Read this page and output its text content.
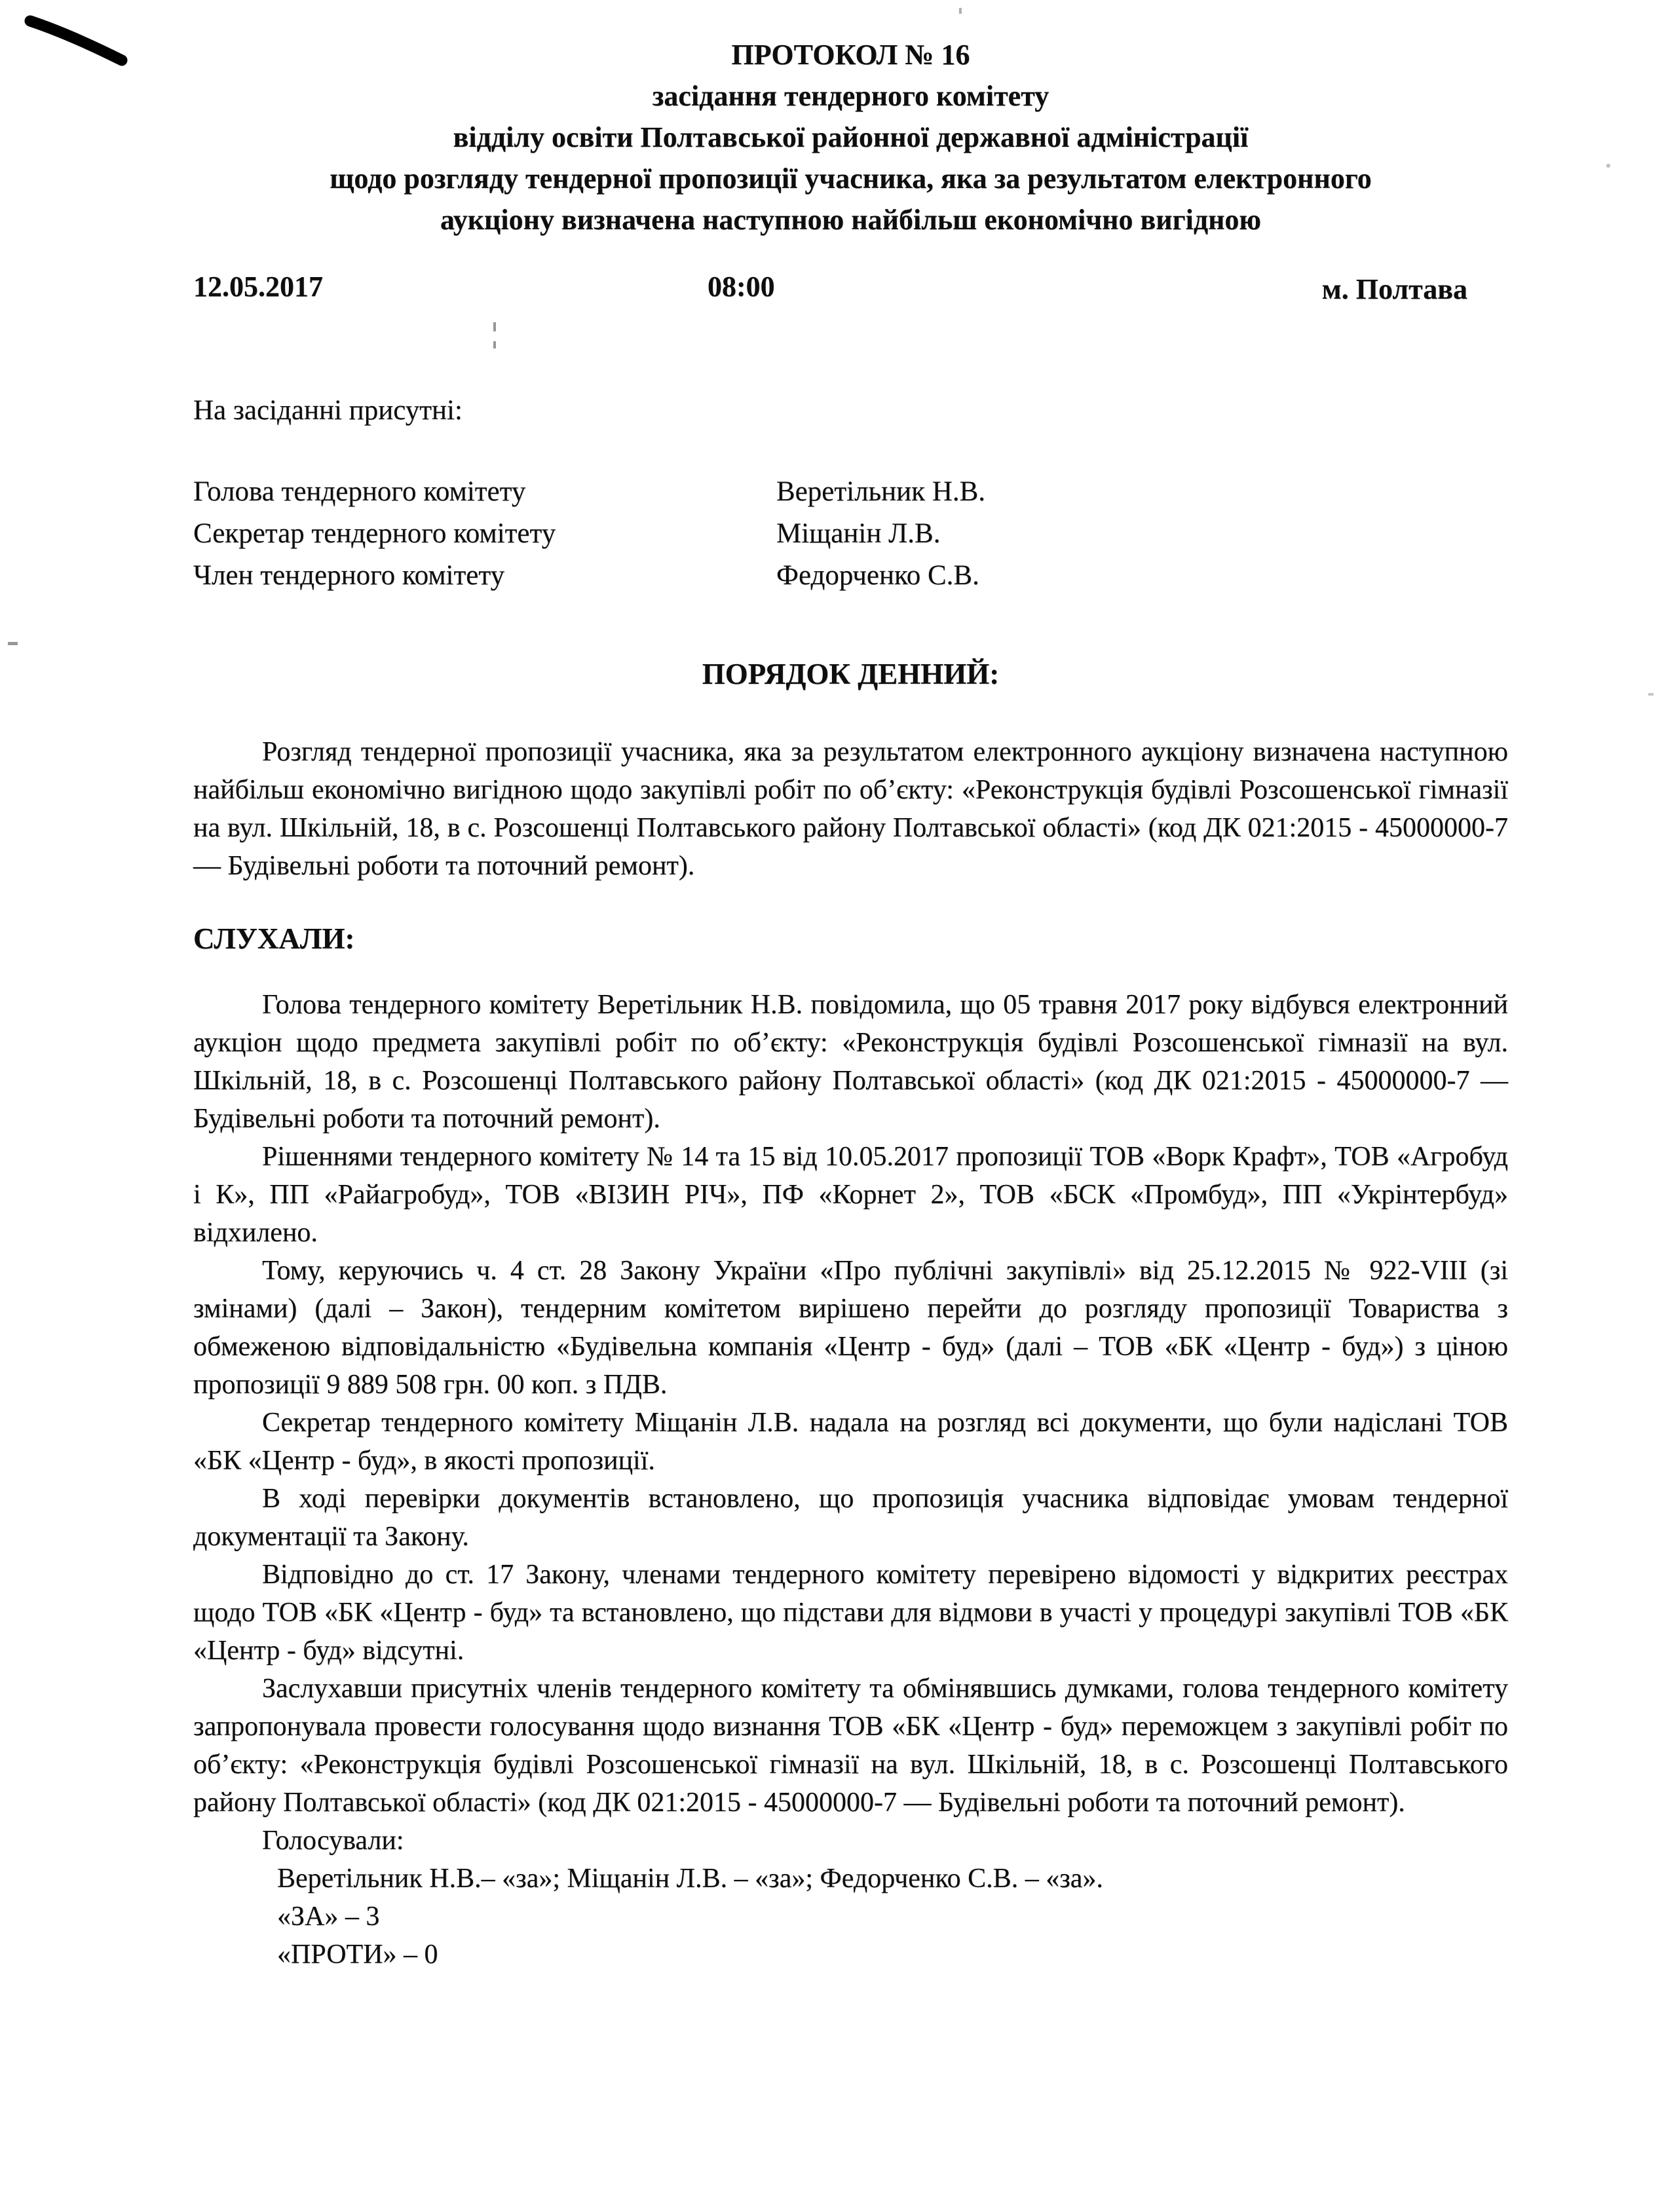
ПРОТОКОЛ № 16
засідання тендерного комітету
відділу освіти Полтавської районної державної адміністрації
щодо розгляду тендерної пропозиції учасника, яка за результатом електронного
аукціону визначена наступною найбільш економічно вигідною
12.05.2017	08:00	м. Полтава
На засіданні присутні:
Голова тендерного комітету	Веретільник Н.В.
Секретар тендерного комітету	Міщанін Л.В.
Член тендерного комітету	Федорченко С.В.
ПОРЯДОК ДЕННИЙ:

Розгляд тендерної пропозиції учасника, яка за результатом електронного аукціону визначена наступною найбільш економічно вигідною щодо закупівлі робіт по об’єкту: «Реконструкція будівлі Розсошенської гімназії на вул. Шкільній, 18, в с. Розсошенці Полтавського району Полтавської області» (код ДК 021:2015 - 45000000-7 — Будівельні роботи та поточний ремонт).

СЛУХАЛИ:

Голова тендерного комітету Веретільник Н.В. повідомила, що 05 травня 2017 року відбувся електронний аукціон щодо предмета закупівлі робіт по об’єкту: «Реконструкція будівлі Розсошенської гімназії на вул. Шкільній, 18, в с. Розсошенці Полтавського району Полтавської області» (код ДК 021:2015 - 45000000-7 — Будівельні роботи та поточний ремонт).

Рішеннями тендерного комітету № 14 та 15 від 10.05.2017 пропозиції ТОВ «Ворк Крафт», ТОВ «Агробуд і К», ПП «Райагробуд», ТОВ «ВІЗИН РІЧ», ПФ «Корнет 2», ТОВ «БСК «Промбуд», ПП «Укрінтербуд» відхилено.

Тому, керуючись ч. 4 ст. 28 Закону України «Про публічні закупівлі» від 25.12.2015 № 922-VIII (зі змінами) (далі – Закон), тендерним комітетом вирішено перейти до розгляду пропозиції Товариства з обмеженою відповідальністю «Будівельна компанія «Центр - буд» (далі – ТОВ «БК «Центр - буд») з ціною пропозиції 9 889 508 грн. 00 коп. з ПДВ.

Секретар тендерного комітету Міщанін Л.В. надала на розгляд всі документи, що були надіслані ТОВ «БК «Центр - буд», в якості пропозиції.

В ході перевірки документів встановлено, що пропозиція учасника відповідає умовам тендерної документації та Закону.

Відповідно до ст. 17 Закону, членами тендерного комітету перевірено відомості у відкритих реєстрах щодо ТОВ «БК «Центр - буд» та встановлено, що підстави для відмови в участі у процедурі закупівлі ТОВ «БК «Центр - буд» відсутні.

Заслухавши присутніх членів тендерного комітету та обмінявшись думками, голова тендерного комітету запропонувала провести голосування щодо визнання ТОВ «БК «Центр - буд» переможцем з закупівлі робіт по об’єкту: «Реконструкція будівлі Розсошенської гімназії на вул. Шкільній, 18, в с. Розсошенці Полтавського району Полтавської області» (код ДК 021:2015 - 45000000-7 — Будівельні роботи та поточний ремонт).

Голосували:
Веретільник Н.В.– «за»; Міщанін Л.В. – «за»; Федорченко С.В. – «за».
«ЗА» – 3
«ПРОТИ» – 0
